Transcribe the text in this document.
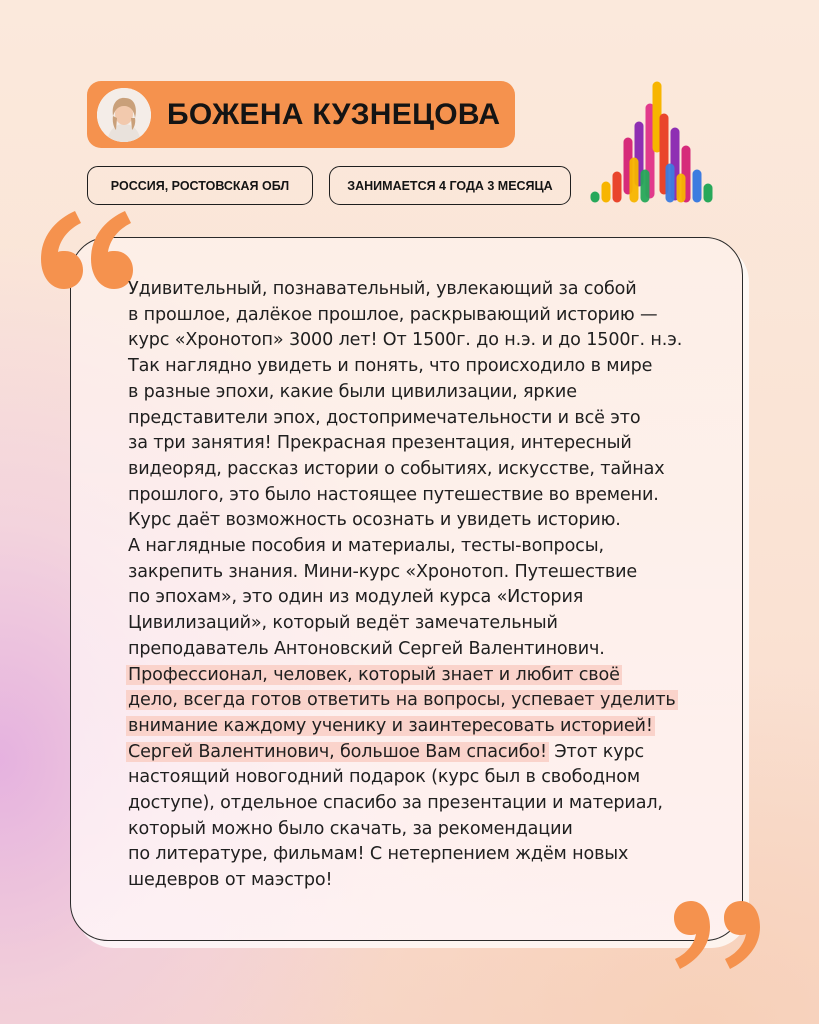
БОЖЕНА КУЗНЕЦОВА
РОССИЯ, РОСТОВСКАЯ ОБЛ	ЗАНИМАЕТСЯ 4 ГОДА 3 МЕСЯЦА
Удивительный, познавательный, увлекающий за собой
в прошлое, далёкое прошлое, раскрывающий историю —
курс «Хронотоп» 3000 лет! От 1500г. до н.э. и до 1500г. н.э.
Так наглядно увидеть и понять, что происходило в мире
в разные эпохи, какие были цивилизации, яркие
представители эпох, достопримечательности и всё это
за три занятия! Прекрасная презентация, интересный
видеоряд, рассказ истории о событиях, искусстве, тайнах
прошлого, это было настоящее путешествие во времени.
Курс даёт возможность осознать и увидеть историю.
А наглядные пособия и материалы, тесты-вопросы,
закрепить знания. Мини-курс «Хронотоп. Путешествие
по эпохам», это один из модулей курса «История
Цивилизаций», который ведёт замечательный
преподаватель Антоновский Сергей Валентинович.
Профессионал, человек, который знает и любит своё
дело, всегда готов ответить на вопросы, успевает уделить
внимание каждому ученику и заинтересовать историей!
Сергей Валентинович, большое Вам спасибо! Этот курс
настоящий новогодний подарок (курс был в свободном
доступе), отдельное спасибо за презентации и материал,
который можно было скачать, за рекомендации
по литературе, фильмам! С нетерпением ждём новых
шедевров от маэстро!
